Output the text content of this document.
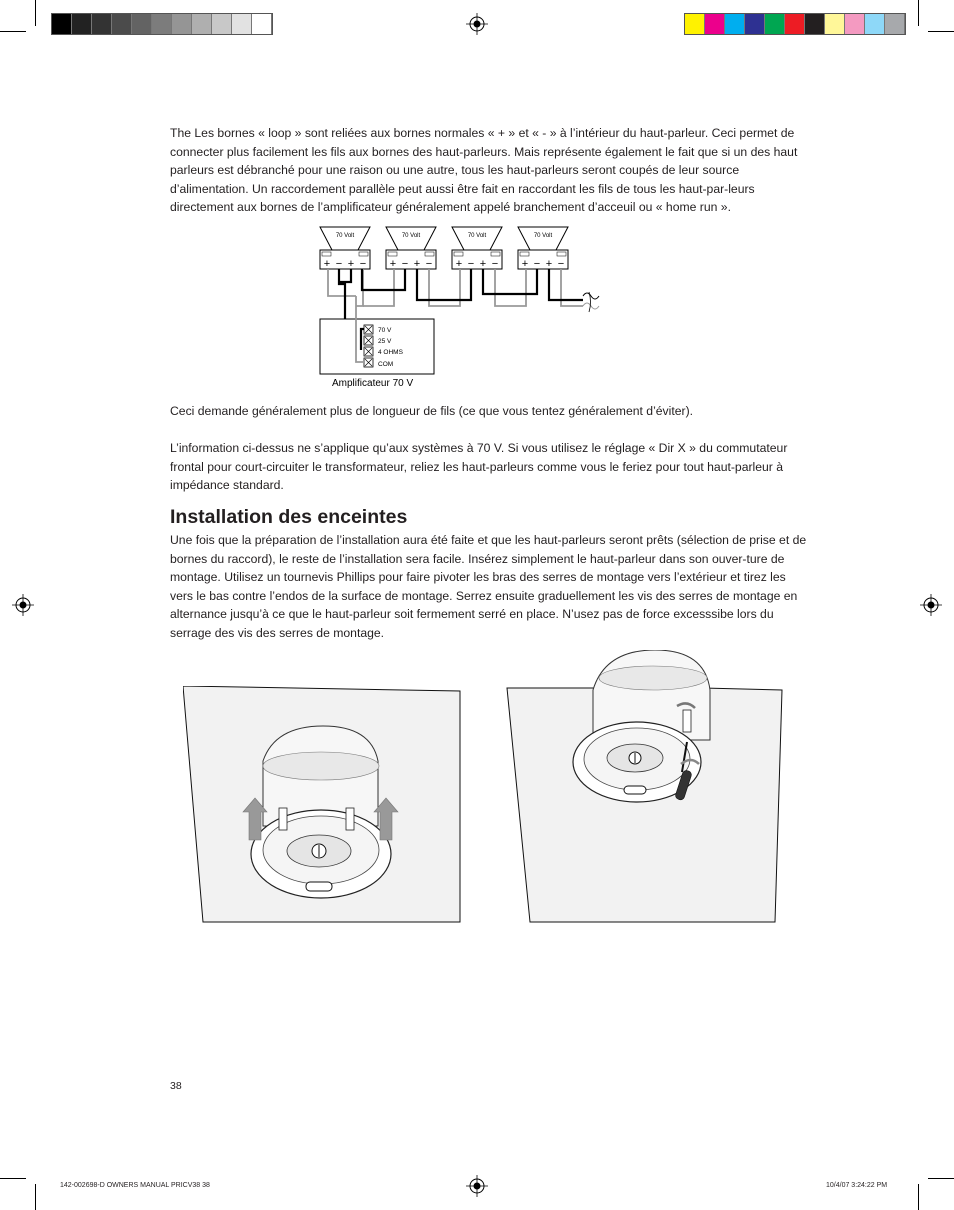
The Les bornes « loop » sont reliées aux bornes normales « + » et « - » à l’intérieur du haut-parleur. Ceci permet de connecter plus facilement les fils aux bornes des haut-parleurs. Mais représente également le fait que si un des haut parleurs est débranché pour une raison ou une autre, tous les haut-parleurs seront coupés de leur source d’alimentation. Un raccordement parallèle peut aussi être fait en raccordant les fils de tous les haut-par-leurs directement aux bornes de l’amplificateur généralement appelé branchement d’acceuil ou « home run ».

70 Volt
+ − + −
70 Volt
+ − + −
70 Volt
+ − + −
70 Volt
+ − + −
70 V
25 V
4 OHMS
COM
Amplificateur 70 V

Ceci demande généralement plus de longueur de fils (ce que vous tentez généralement d’éviter).

L’information ci-dessus ne s’applique qu’aux systèmes à 70 V. Si vous utilisez le réglage « Dir X » du commutateur frontal pour court-circuiter le transformateur, reliez les haut-parleurs comme vous le feriez pour tout haut-parleur à impédance standard.

Installation des enceintes

Une fois que la préparation de l’installation aura été faite et que les haut-parleurs seront prêts (sélection de prise et de bornes du raccord), le reste de l’installation sera facile. Insérez simplement le haut-parleur dans son ouver-ture de montage. Utilisez un tournevis Phillips pour faire pivoter les bras des serres de montage vers l’extérieur et tirez les vers le bas contre l’endos de la surface de montage. Serrez ensuite graduellement les vis des serres de montage en alternance jusqu’à ce que le haut-parleur soit fermement serré en place. N’usez pas de force excesssibe lors du serrage des vis des serres de montage.

38
142-002698-D OWNERS MANUAL PRICV38 38	10/4/07 3:24:22 PM
